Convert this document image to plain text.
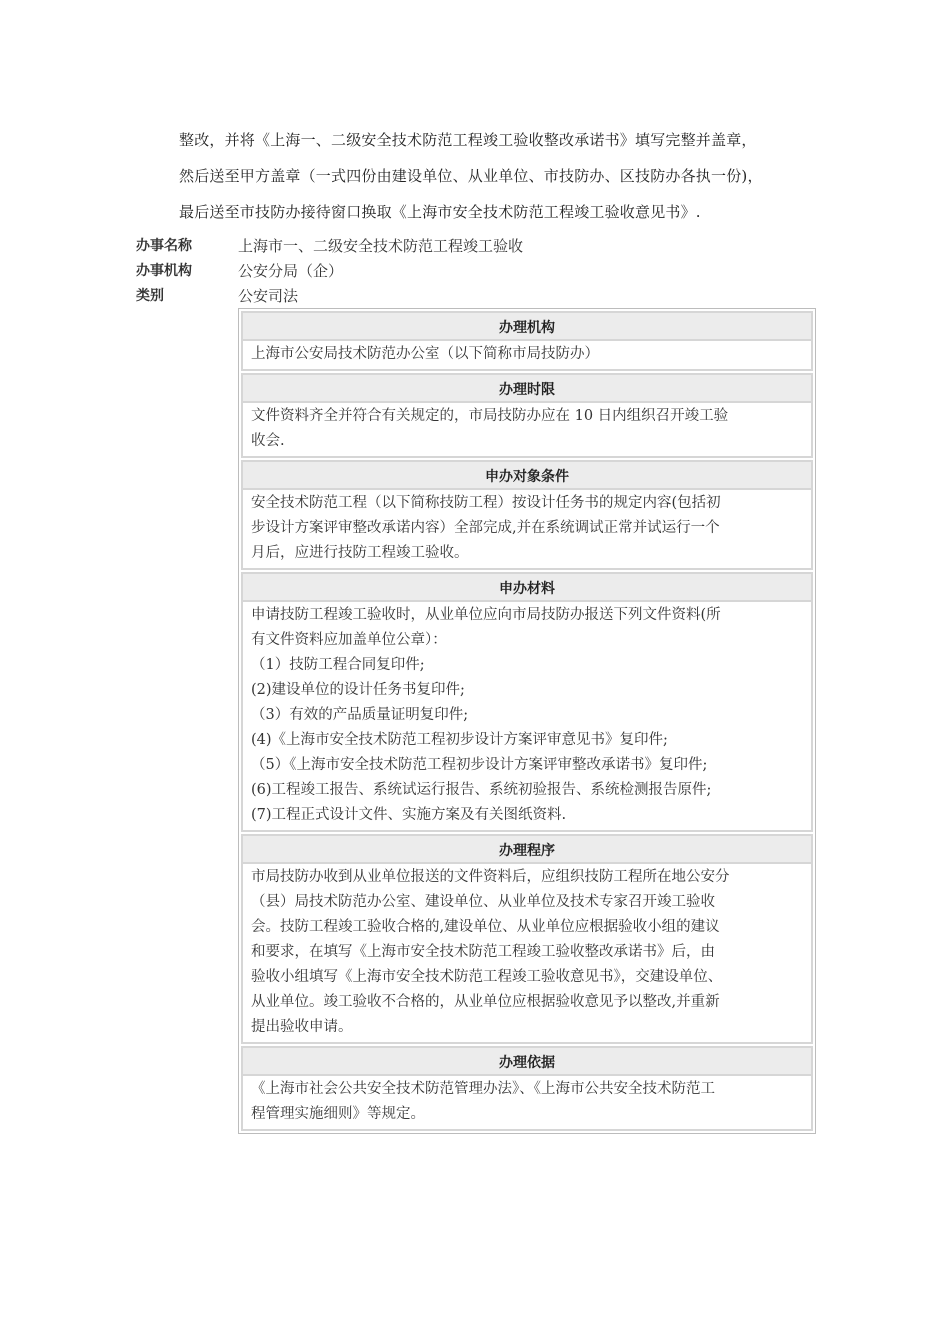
整改，并将《上海一、二级安全技术防范工程竣工验收整改承诺书》填写完整并盖章，

然后送至甲方盖章（一式四份由建设单位、从业单位、市技防办、区技防办各执一份)，

最后送至市技防办接待窗口换取《上海市安全技术防范工程竣工验收意见书》.

办事名称	上海市一、二级安全技术防范工程竣工验收
办事机构	公安分局（企）
类别	公安司法
办理机构
上海市公安局技术防范办公室（以下简称市局技防办）
办理时限
文件资料齐全并符合有关规定的，市局技防办应在 10 日内组织召开竣工验
收会.
申办对象条件
安全技术防范工程（以下简称技防工程）按设计任务书的规定内容(包括初
步设计方案评审整改承诺内容）全部完成,并在系统调试正常并试运行一个
月后，应进行技防工程竣工验收。
申办材料
申请技防工程竣工验收时，从业单位应向市局技防办报送下列文件资料(所
有文件资料应加盖单位公章）：
（1）技防工程合同复印件;
(2)建设单位的设计任务书复印件;
（3）有效的产品质量证明复印件;
(4)《上海市安全技术防范工程初步设计方案评审意见书》复印件;
（5）《上海市安全技术防范工程初步设计方案评审整改承诺书》复印件;
(6)工程竣工报告、系统试运行报告、系统初验报告、系统检测报告原件;
(7)工程正式设计文件、实施方案及有关图纸资料.
办理程序
市局技防办收到从业单位报送的文件资料后，应组织技防工程所在地公安分
（县）局技术防范办公室、建设单位、从业单位及技术专家召开竣工验收
会。技防工程竣工验收合格的,建设单位、从业单位应根据验收小组的建议
和要求，在填写《上海市安全技术防范工程竣工验收整改承诺书》后，由
验收小组填写《上海市安全技术防范工程竣工验收意见书》，交建设单位、
从业单位。竣工验收不合格的，从业单位应根据验收意见予以整改,并重新
提出验收申请。
办理依据
《上海市社会公共安全技术防范管理办法》、《上海市公共安全技术防范工
程管理实施细则》等规定。
